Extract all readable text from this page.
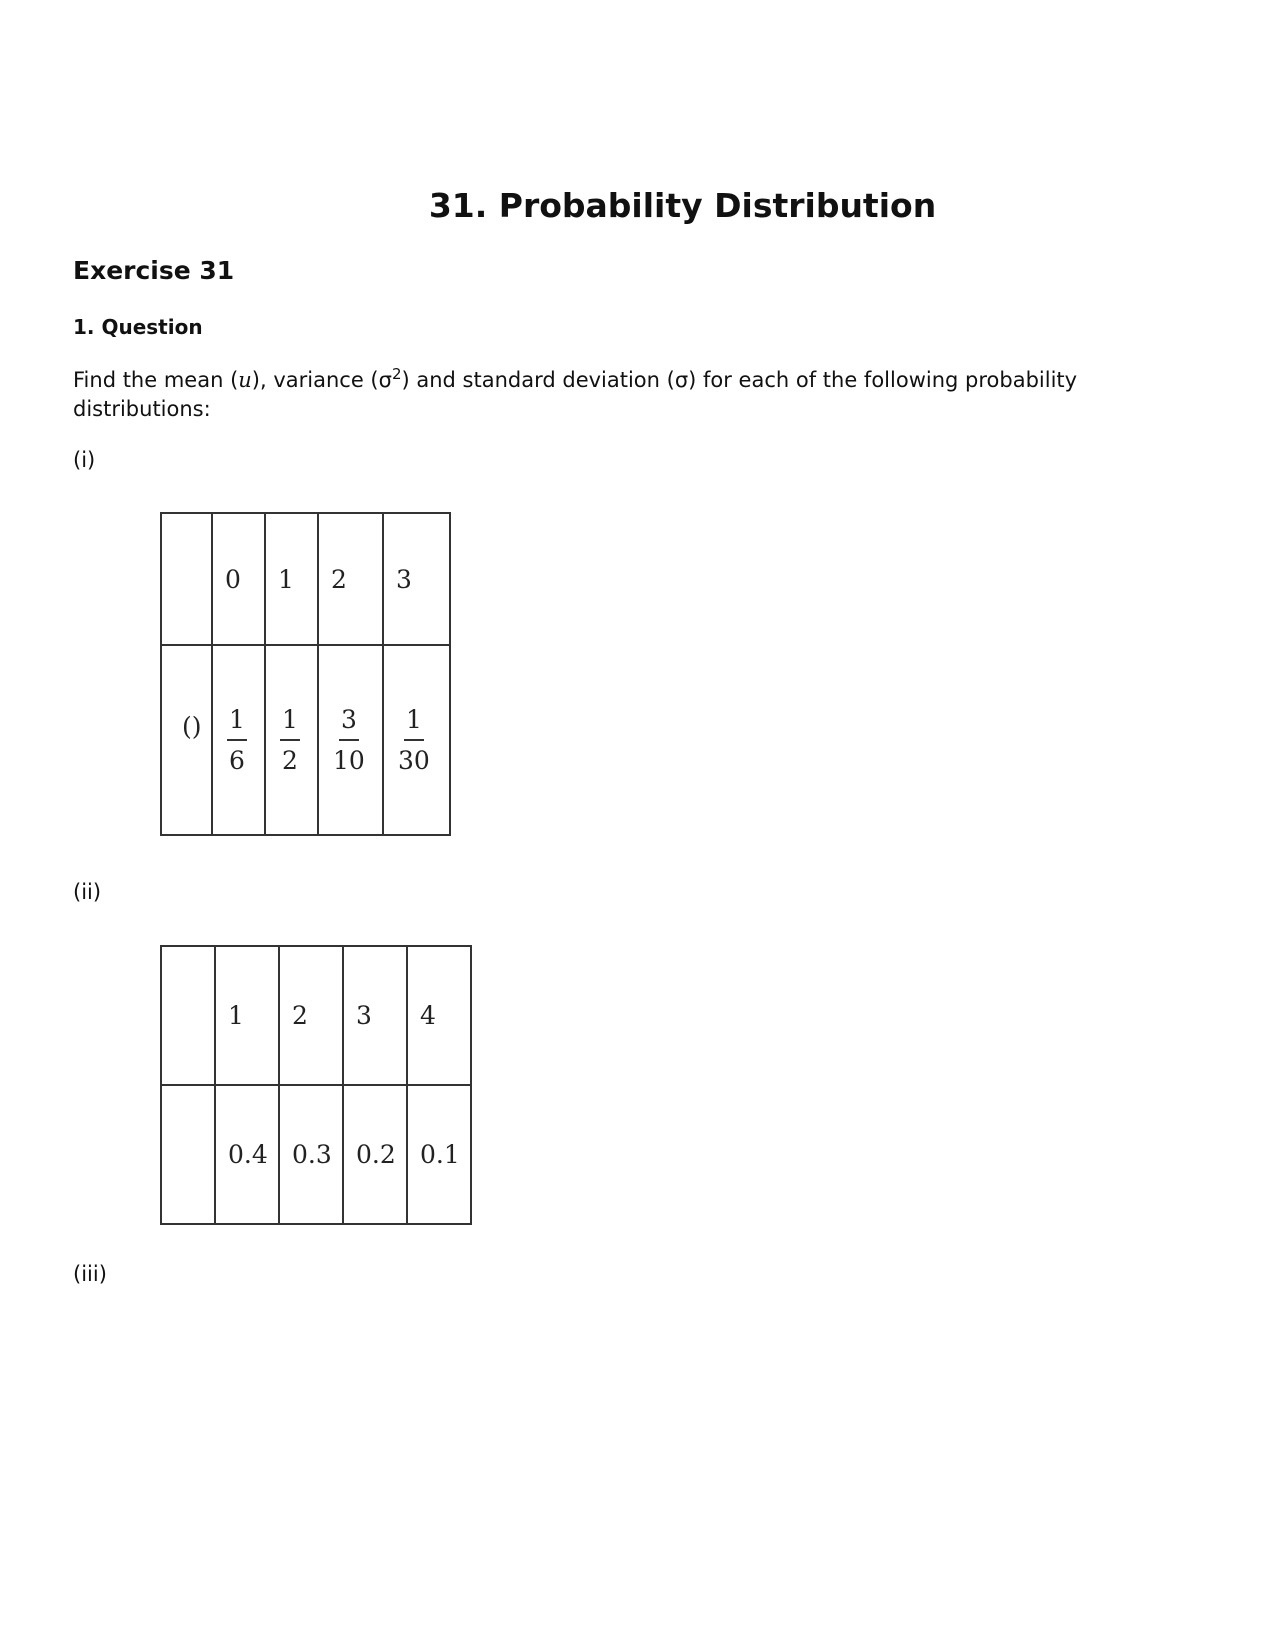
31. Probability Distribution
Exercise 31
1. Question

Find the mean (u), variance $(\sigma^2)$ and standard deviation (σ) for each of the following probability distributions:

(i)

	0	1	2	3
()	$\frac{1}{6}$	$\frac{1}{2}$	$\frac{3}{10}$	$\frac{1}{30}$

(ii)

	1	2	3	4
	0.4	0.3	0.2	0.1

(iii)
